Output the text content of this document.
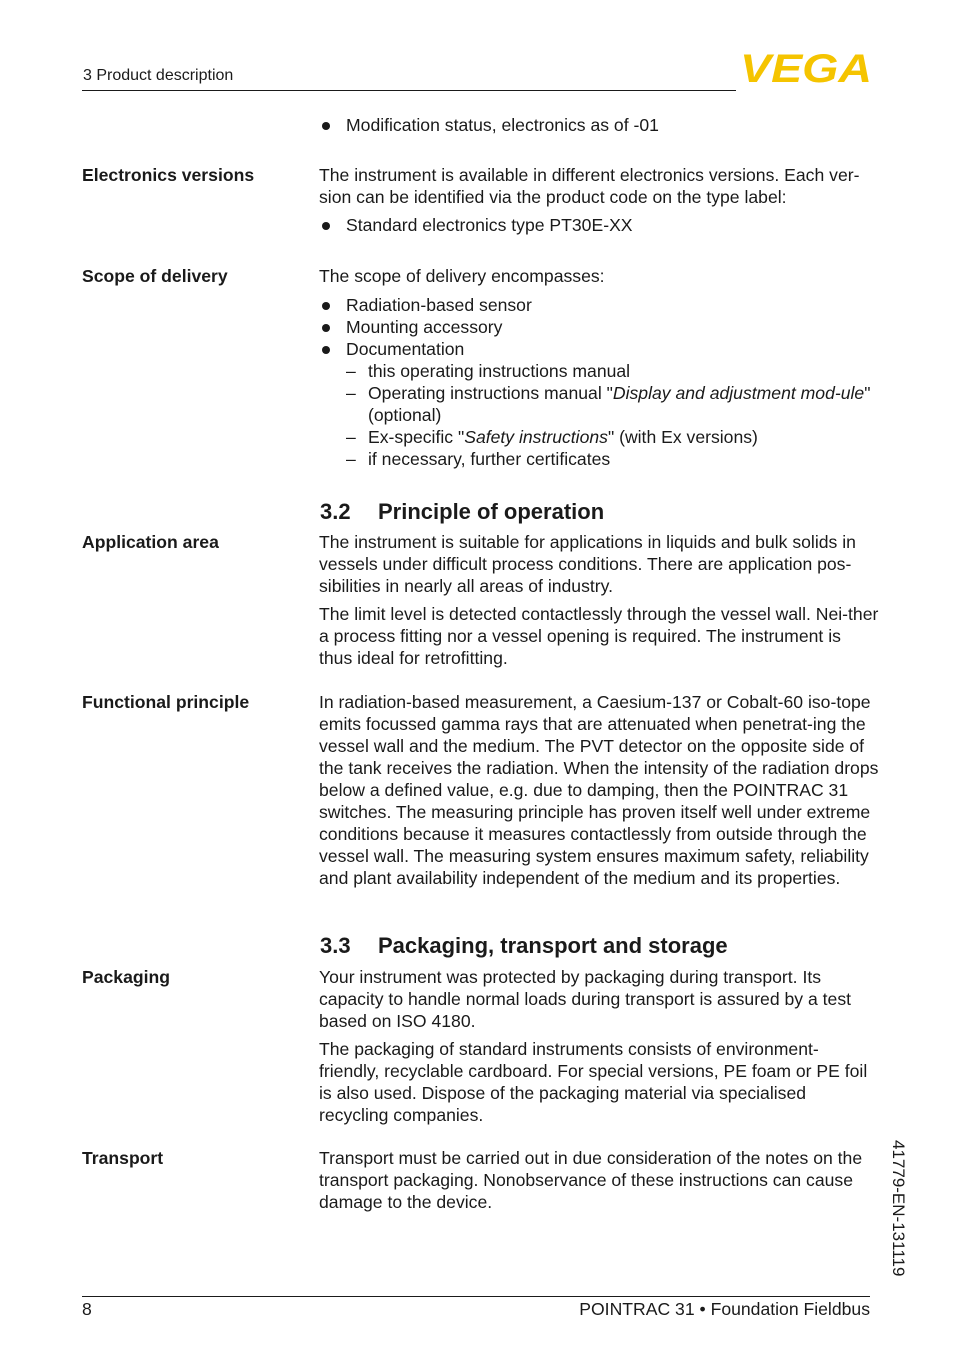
3 Product description	VEGA
Modification status, electronics as of -01
Electronics versions	The instrument is available in different electronics versions. Each ver-sion can be identified via the product code on the type label:

Standard electronics type PT30E-XX
Scope of delivery	The scope of delivery encompasses:

Radiation-based sensor
Mounting accessory
Documentation
– this operating instructions manual
– Operating instructions manual "Display and adjustment mod-ule" (optional)
– Ex-specific "Safety instructions" (with Ex versions)
– if necessary, further certificates
3.2 Principle of operation
Application area	The instrument is suitable for applications in liquids and bulk solids in vessels under difficult process conditions. There are application pos-sibilities in nearly all areas of industry.

The limit level is detected contactlessly through the vessel wall. Nei-ther a process fitting nor a vessel opening is required. The instrument is thus ideal for retrofitting.

Functional principle	In radiation-based measurement, a Caesium-137 or Cobalt-60 iso-tope emits focussed gamma rays that are attenuated when penetrat-ing the vessel wall and the medium. The PVT detector on the opposite side of the tank receives the radiation. When the intensity of the radiation drops below a defined value, e.g. due to damping, then the POINTRAC 31 switches. The measuring principle has proven itself well under extreme conditions because it measures contactlessly from outside through the vessel wall. The measuring system ensures maximum safety, reliability and plant availability independent of the medium and its properties.

3.3 Packaging, transport and storage
Packaging	Your instrument was protected by packaging during transport. Its capacity to handle normal loads during transport is assured by a test based on ISO 4180.

The packaging of standard instruments consists of environment-friendly, recyclable cardboard. For special versions, PE foam or PE foil is also used. Dispose of the packaging material via specialised recycling companies.

Transport	Transport must be carried out in due consideration of the notes on the transport packaging. Nonobservance of these instructions can cause damage to the device.	41779-EN-131119
8	POINTRAC 31 • Foundation Fieldbus
